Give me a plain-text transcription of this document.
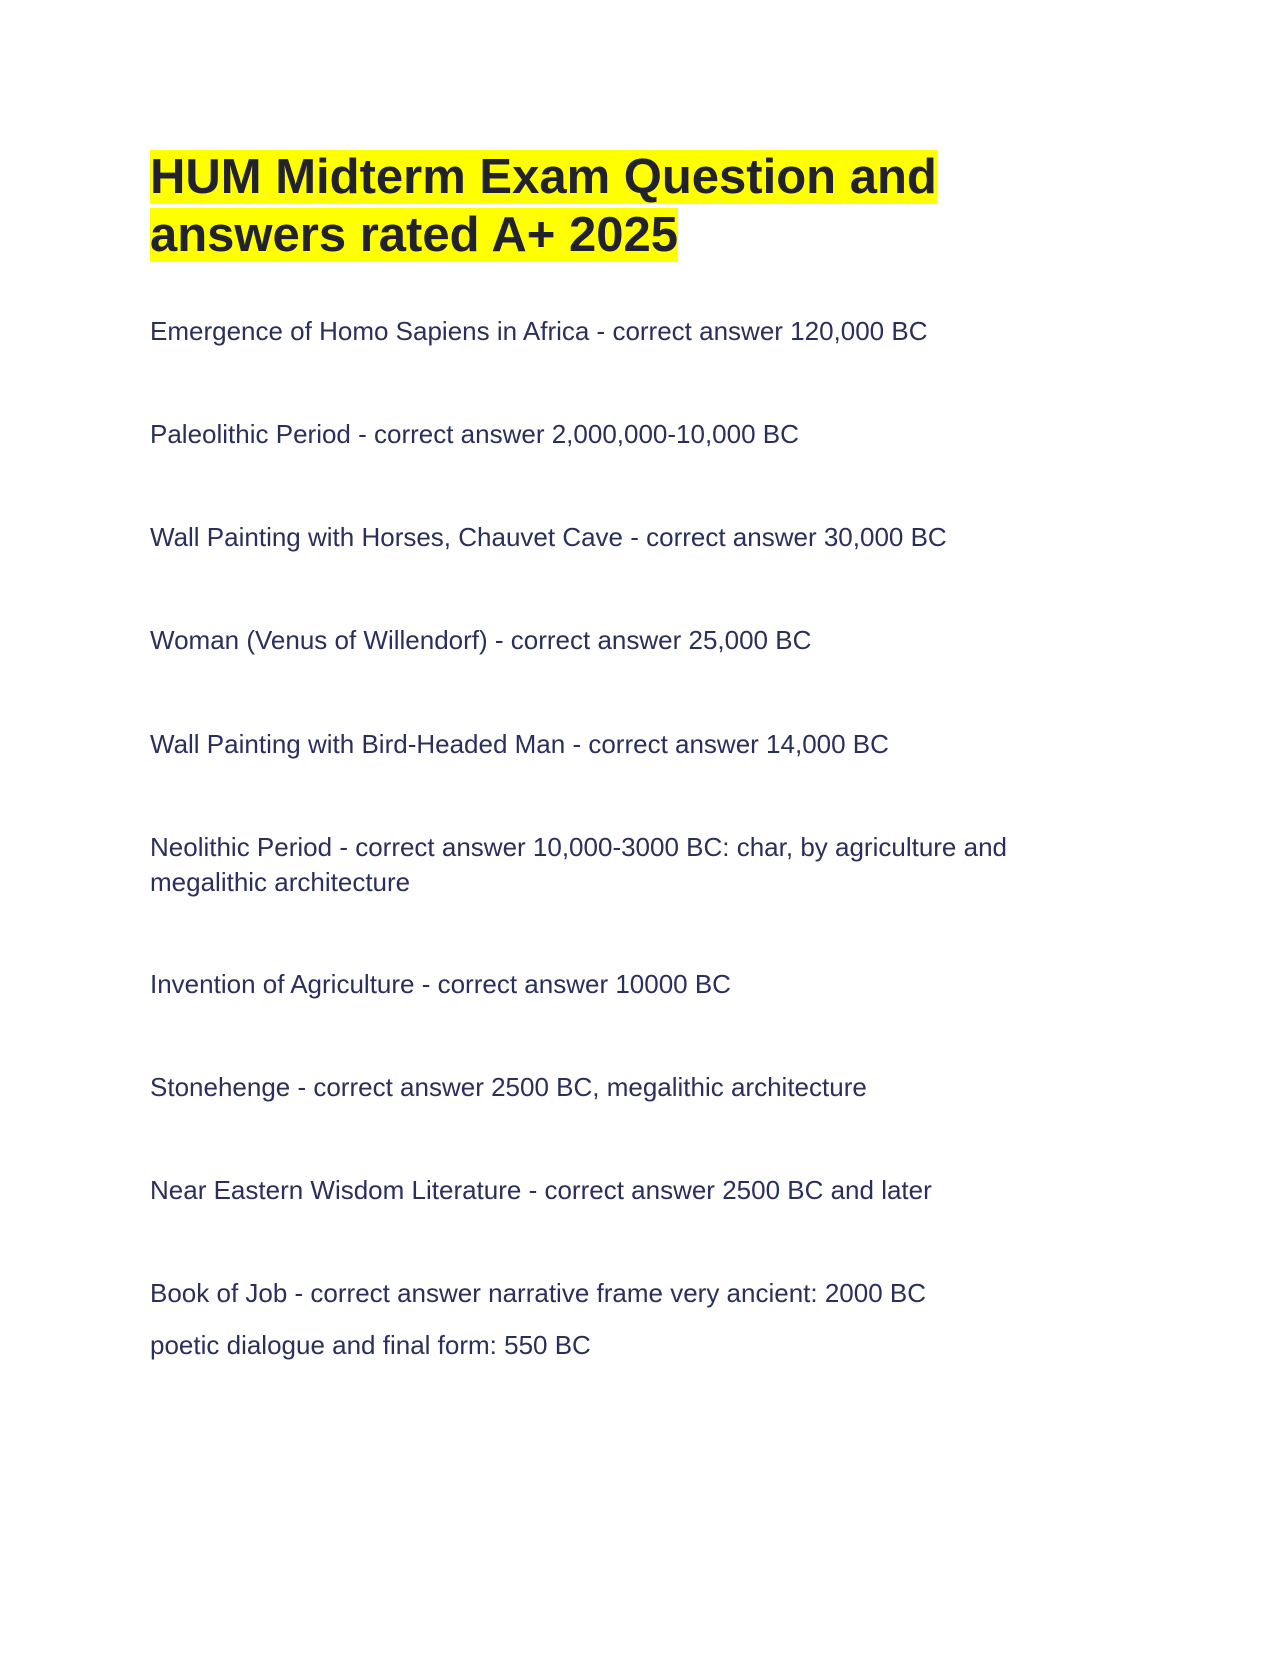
HUM Midterm Exam Question and answers rated A+ 2025

Emergence of Homo Sapiens in Africa - correct answer 120,000 BC

Paleolithic Period - correct answer 2,000,000-10,000 BC

Wall Painting with Horses, Chauvet Cave - correct answer 30,000 BC

Woman (Venus of Willendorf) - correct answer 25,000 BC

Wall Painting with Bird-Headed Man - correct answer 14,000 BC

Neolithic Period - correct answer 10,000-3000 BC: char, by agriculture and megalithic architecture

Invention of Agriculture - correct answer 10000 BC

Stonehenge - correct answer 2500 BC, megalithic architecture

Near Eastern Wisdom Literature - correct answer 2500 BC and later

Book of Job - correct answer narrative frame very ancient: 2000 BC
poetic dialogue and final form: 550 BC
